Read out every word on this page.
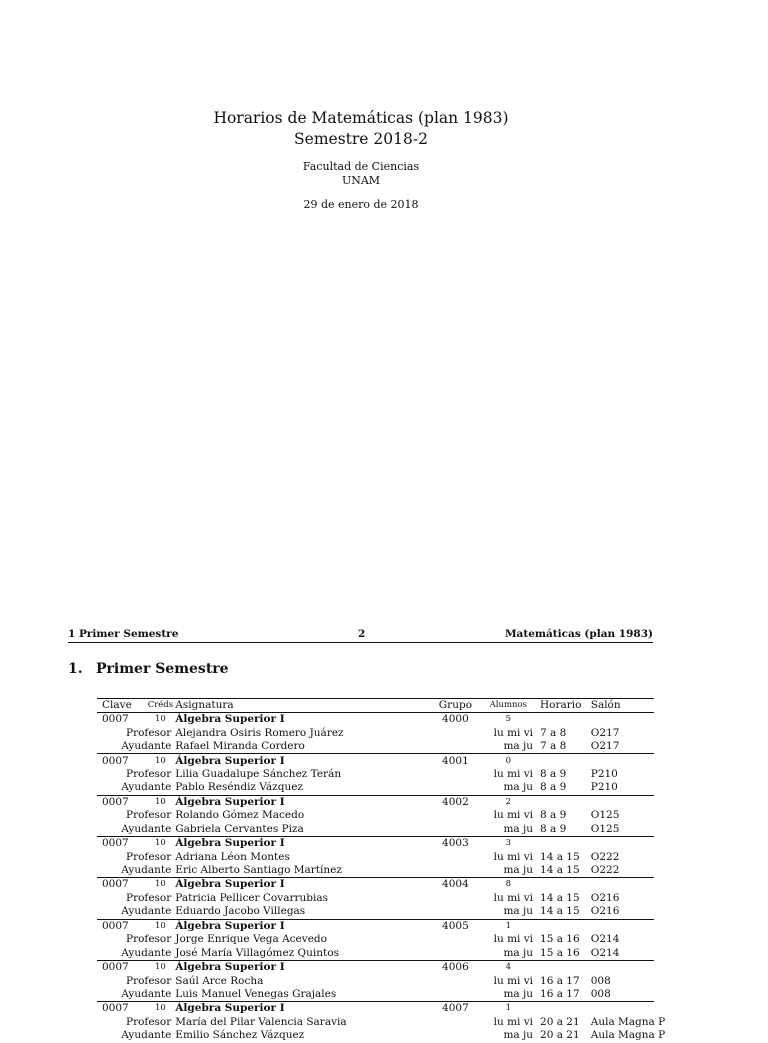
Horarios de Matemáticas (plan 1983)
Semestre 2018-2
Facultad de Ciencias
UNAM
29 de enero de 2018
1 Primer Semestre	2	Matemáticas (plan 1983)
1. Primer Semestre
Clave	Créds	Asignatura	Grupo	Alumnos	Horario	Salón
0007	10	Álgebra Superior I	4000	5		
Profesor		Alejandra Osiris Romero Juárez		lu mi vi	7 a 8	O217
Ayudante		Rafael Miranda Cordero		ma ju	7 a 8	O217
0007	10	Álgebra Superior I	4001	0		
Profesor		Lilia Guadalupe Sánchez Terán		lu mi vi	8 a 9	P210
Ayudante		Pablo Reséndiz Vázquez		ma ju	8 a 9	P210
0007	10	Álgebra Superior I	4002	2		
Profesor		Rolando Gómez Macedo		lu mi vi	8 a 9	O125
Ayudante		Gabriela Cervantes Piza		ma ju	8 a 9	O125
0007	10	Álgebra Superior I	4003	3		
Profesor		Adriana Léon Montes		lu mi vi	14 a 15	O222
Ayudante		Eric Alberto Santiago Martínez		ma ju	14 a 15	O222
0007	10	Álgebra Superior I	4004	8		
Profesor		Patricia Pellicer Covarrubias		lu mi vi	14 a 15	O216
Ayudante		Eduardo Jacobo Villegas		ma ju	14 a 15	O216
0007	10	Álgebra Superior I	4005	1		
Profesor		Jorge Enrique Vega Acevedo		lu mi vi	15 a 16	O214
Ayudante		José María Villagómez Quintos		ma ju	15 a 16	O214
0007	10	Álgebra Superior I	4006	4		
Profesor		Saúl Arce Rocha		lu mi vi	16 a 17	008
Ayudante		Luis Manuel Venegas Grajales		ma ju	16 a 17	008
0007	10	Álgebra Superior I	4007	1		
Profesor		María del Pilar Valencia Saravia		lu mi vi	20 a 21	Aula Magna P
Ayudante		Emilio Sánchez Vázquez		ma ju	20 a 21	Aula Magna P
